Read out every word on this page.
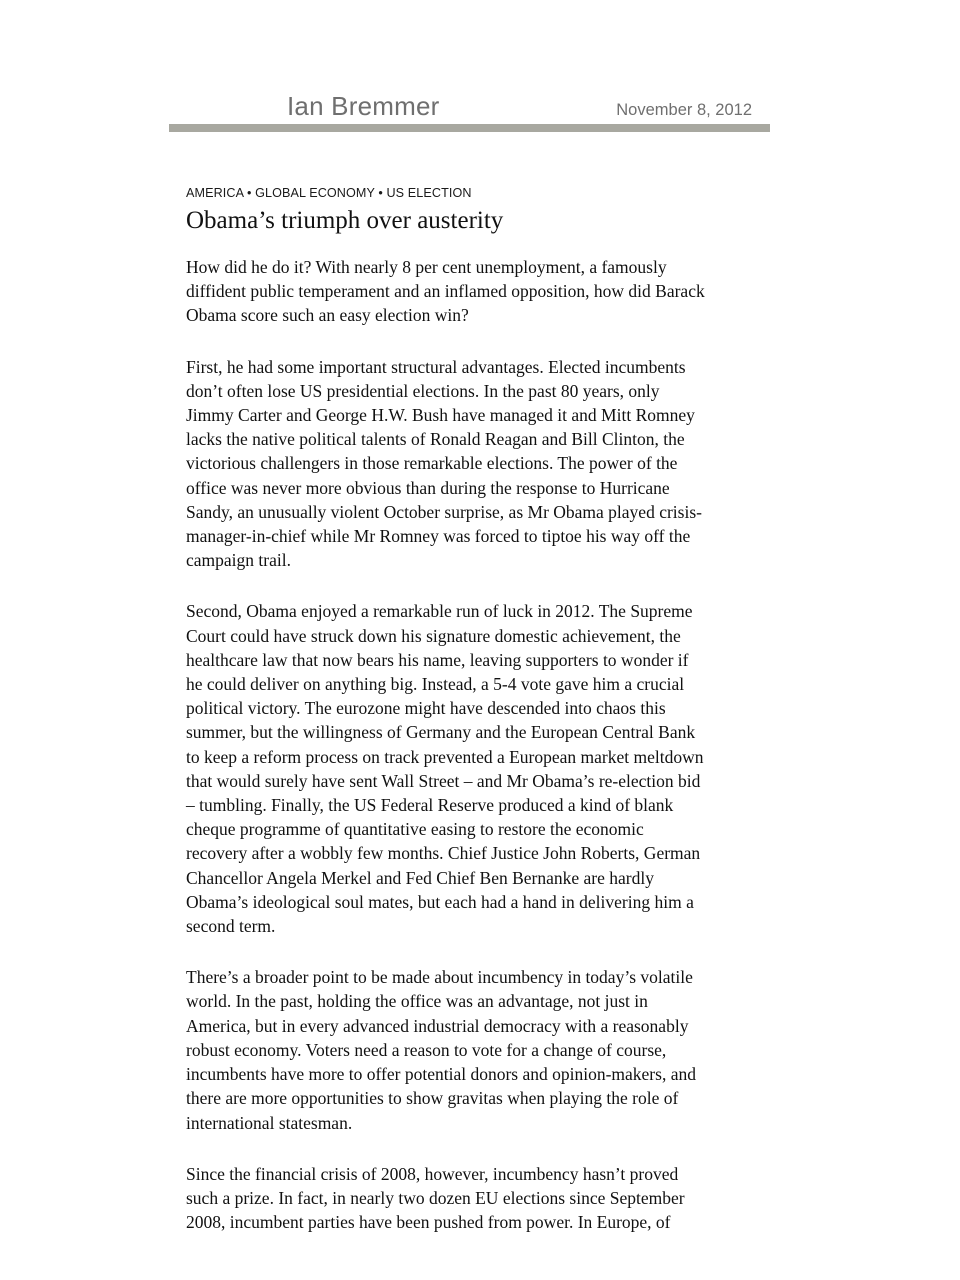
Ian Bremmer	November 8, 2012
AMERICA • GLOBAL ECONOMY • US ELECTION
Obama’s triumph over austerity

How did he do it? With nearly 8 per cent unemployment, a famously
diffident public temperament and an inflamed opposition, how did Barack
Obama score such an easy election win?

First, he had some important structural advantages. Elected incumbents
don’t often lose US presidential elections. In the past 80 years, only
Jimmy Carter and George H.W. Bush have managed it and Mitt Romney
lacks the native political talents of Ronald Reagan and Bill Clinton, the
victorious challengers in those remarkable elections. The power of the
office was never more obvious than during the response to Hurricane
Sandy, an unusually violent October surprise, as Mr Obama played crisis-
manager-in-chief while Mr Romney was forced to tiptoe his way off the
campaign trail.

Second, Obama enjoyed a remarkable run of luck in 2012. The Supreme
Court could have struck down his signature domestic achievement, the
healthcare law that now bears his name, leaving supporters to wonder if
he could deliver on anything big. Instead, a 5-4 vote gave him a crucial
political victory. The eurozone might have descended into chaos this
summer, but the willingness of Germany and the European Central Bank
to keep a reform process on track prevented a European market meltdown
that would surely have sent Wall Street – and Mr Obama’s re-election bid
– tumbling. Finally, the US Federal Reserve produced a kind of blank
cheque programme of quantitative easing to restore the economic
recovery after a wobbly few months. Chief Justice John Roberts, German
Chancellor Angela Merkel and Fed Chief Ben Bernanke are hardly
Obama’s ideological soul mates, but each had a hand in delivering him a
second term.

There’s a broader point to be made about incumbency in today’s volatile
world. In the past, holding the office was an advantage, not just in
America, but in every advanced industrial democracy with a reasonably
robust economy. Voters need a reason to vote for a change of course,
incumbents have more to offer potential donors and opinion-makers, and
there are more opportunities to show gravitas when playing the role of
international statesman.

Since the financial crisis of 2008, however, incumbency hasn’t proved
such a prize. In fact, in nearly two dozen EU elections since September
2008, incumbent parties have been pushed from power. In Europe, of
